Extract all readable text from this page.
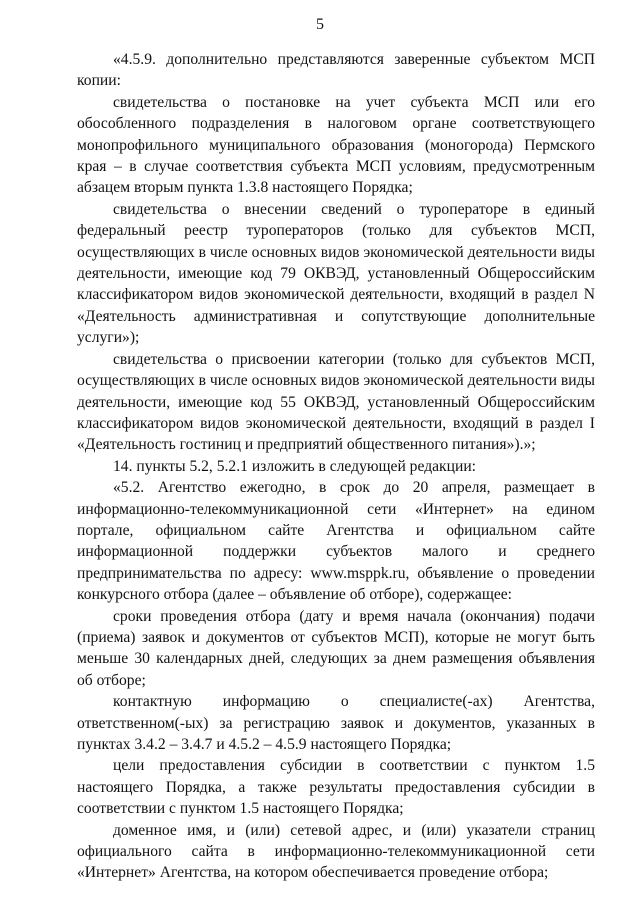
5

«4.5.9. дополнительно представляются заверенные субъектом МСП копии:

свидетельства о постановке на учет субъекта МСП или его обособленного подразделения в налоговом органе соответствующего монопрофильного муниципального образования (моногорода) Пермского края – в случае соответствия субъекта МСП условиям, предусмотренным абзацем вторым пункта 1.3.8 настоящего Порядка;

свидетельства о внесении сведений о туроператоре в единый федеральный реестр туроператоров (только для субъектов МСП, осуществляющих в числе основных видов экономической деятельности виды деятельности, имеющие код 79 ОКВЭД, установленный Общероссийским классификатором видов экономической деятельности, входящий в раздел N «Деятельность административная и сопутствующие дополнительные услуги»);

свидетельства о присвоении категории (только для субъектов МСП, осуществляющих в числе основных видов экономической деятельности виды деятельности, имеющие код 55 ОКВЭД, установленный Общероссийским классификатором видов экономической деятельности, входящий в раздел I «Деятельность гостиниц и предприятий общественного питания»).»;

14. пункты 5.2, 5.2.1 изложить в следующей редакции:

«5.2. Агентство ежегодно, в срок до 20 апреля, размещает в информационно-телекоммуникационной сети «Интернет» на едином портале, официальном сайте Агентства и официальном сайте информационной поддержки субъектов малого и среднего предпринимательства по адресу: www.msppk.ru, объявление о проведении конкурсного отбора (далее – объявление об отборе), содержащее:

сроки проведения отбора (дату и время начала (окончания) подачи (приема) заявок и документов от субъектов МСП), которые не могут быть меньше 30 календарных дней, следующих за днем размещения объявления об отборе;

контактную информацию о специалисте(-ах) Агентства, ответственном(-ых) за регистрацию заявок и документов, указанных в пунктах 3.4.2 – 3.4.7 и 4.5.2 – 4.5.9 настоящего Порядка;

цели предоставления субсидии в соответствии с пунктом 1.5 настоящего Порядка, а также результаты предоставления субсидии в соответствии с пунктом 1.5 настоящего Порядка;

доменное имя, и (или) сетевой адрес, и (или) указатели страниц официального сайта в информационно-телекоммуникационной сети «Интернет» Агентства, на котором обеспечивается проведение отбора;
